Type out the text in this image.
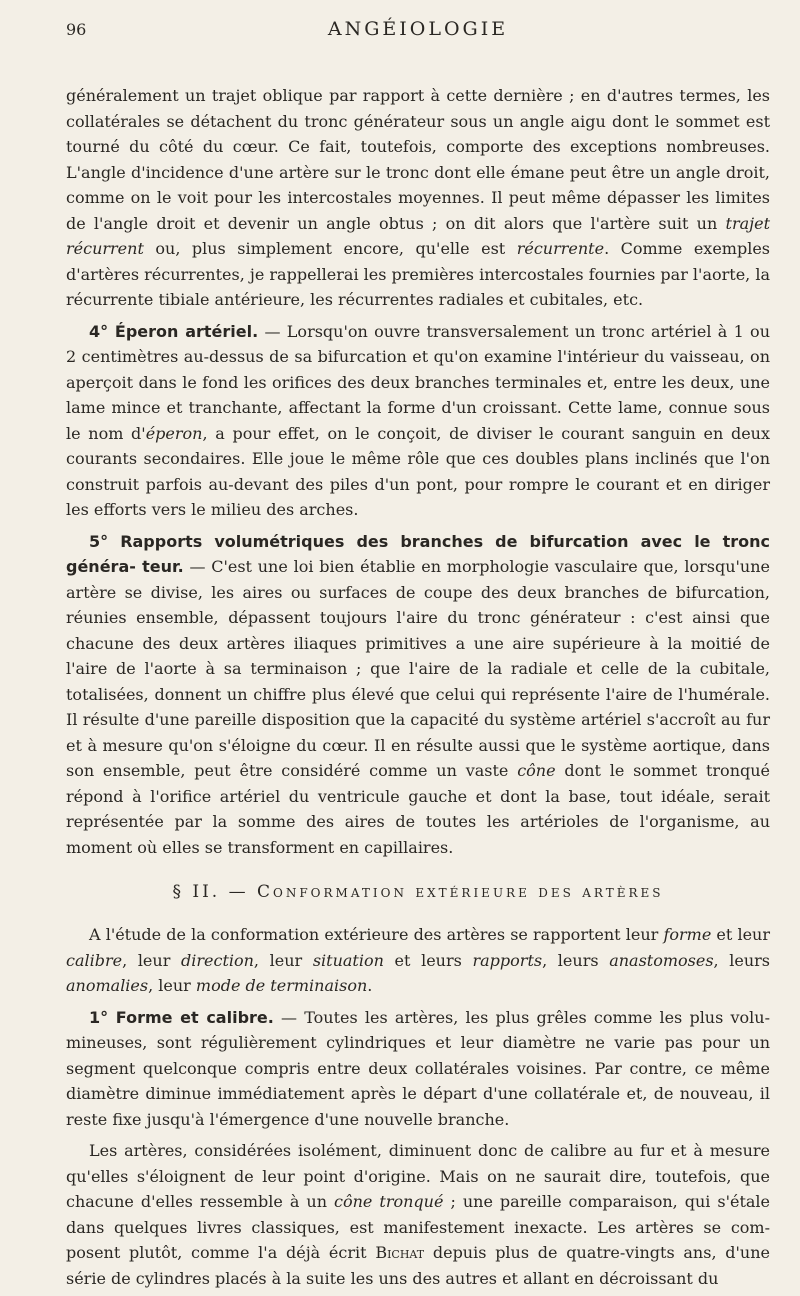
96	ANGÉIOLOGIE

généralement un trajet oblique par rapport à cette dernière ; en d'autres termes, les collatérales se détachent du tronc générateur sous un angle aigu dont le sommet est tourné du côté du cœur. Ce fait, toutefois, comporte des exceptions nombreuses. L'angle d'incidence d'une artère sur le tronc dont elle émane peut être un angle droit, comme on le voit pour les intercostales moyennes. Il peut même dépasser les limites de l'angle droit et devenir un angle obtus ; on dit alors que l'artère suit un trajet récurrent ou, plus simplement encore, qu'elle est récurrente. Comme exemples d'artères récurrentes, je rappellerai les premières intercostales fournies par l'aorte, la récurrente tibiale antérieure, les récurrentes radiales et cubitales, etc.

4° Éperon artériel. — Lorsqu'on ouvre transversalement un tronc artériel à 1 ou 2 centimètres au-dessus de sa bifurcation et qu'on examine l'intérieur du vaisseau, on aperçoit dans le fond les orifices des deux branches terminales et, entre les deux, une lame mince et tranchante, affectant la forme d'un croissant. Cette lame, connue sous le nom d'éperon, a pour effet, on le conçoit, de diviser le courant sanguin en deux courants secondaires. Elle joue le même rôle que ces doubles plans inclinés que l'on construit parfois au-devant des piles d'un pont, pour rompre le courant et en diriger les efforts vers le milieu des arches.

5° Rapports volumétriques des branches de bifurcation avec le tronc généra- teur. — C'est une loi bien établie en morphologie vasculaire que, lorsqu'une artère se divise, les aires ou surfaces de coupe des deux branches de bifurcation, réunies ensemble, dépassent toujours l'aire du tronc générateur : c'est ainsi que chacune des deux artères iliaques primitives a une aire supérieure à la moitié de l'aire de l'aorte à sa terminaison ; que l'aire de la radiale et celle de la cubitale, totalisées, donnent un chiffre plus élevé que celui qui représente l'aire de l'humérale. Il résulte d'une pareille disposition que la capacité du système artériel s'accroît au fur et à mesure qu'on s'éloigne du cœur. Il en résulte aussi que le système aortique, dans son ensemble, peut être considéré comme un vaste cône dont le sommet tronqué répond à l'orifice artériel du ventricule gauche et dont la base, tout idéale, serait représentée par la somme des aires de toutes les artérioles de l'organisme, au moment où elles se transforment en capillaires.

§ II. — Conformation extérieure des artères

A l'étude de la conformation extérieure des artères se rapportent leur forme et leur calibre, leur direction, leur situation et leurs rapports, leurs anastomoses, leurs anomalies, leur mode de terminaison.

1° Forme et calibre. — Toutes les artères, les plus grêles comme les plus volu- mineuses, sont régulièrement cylindriques et leur diamètre ne varie pas pour un segment quelconque compris entre deux collatérales voisines. Par contre, ce même diamètre diminue immédiatement après le départ d'une collatérale et, de nouveau, il reste fixe jusqu'à l'émergence d'une nouvelle branche.

Les artères, considérées isolément, diminuent donc de calibre au fur et à mesure qu'elles s'éloignent de leur point d'origine. Mais on ne saurait dire, toutefois, que chacune d'elles ressemble à un cône tronqué ; une pareille comparaison, qui s'étale dans quelques livres classiques, est manifestement inexacte. Les artères se com- posent plutôt, comme l'a déjà écrit Bichat depuis plus de quatre-vingts ans, d'une série de cylindres placés à la suite les uns des autres et allant en décroissant du
